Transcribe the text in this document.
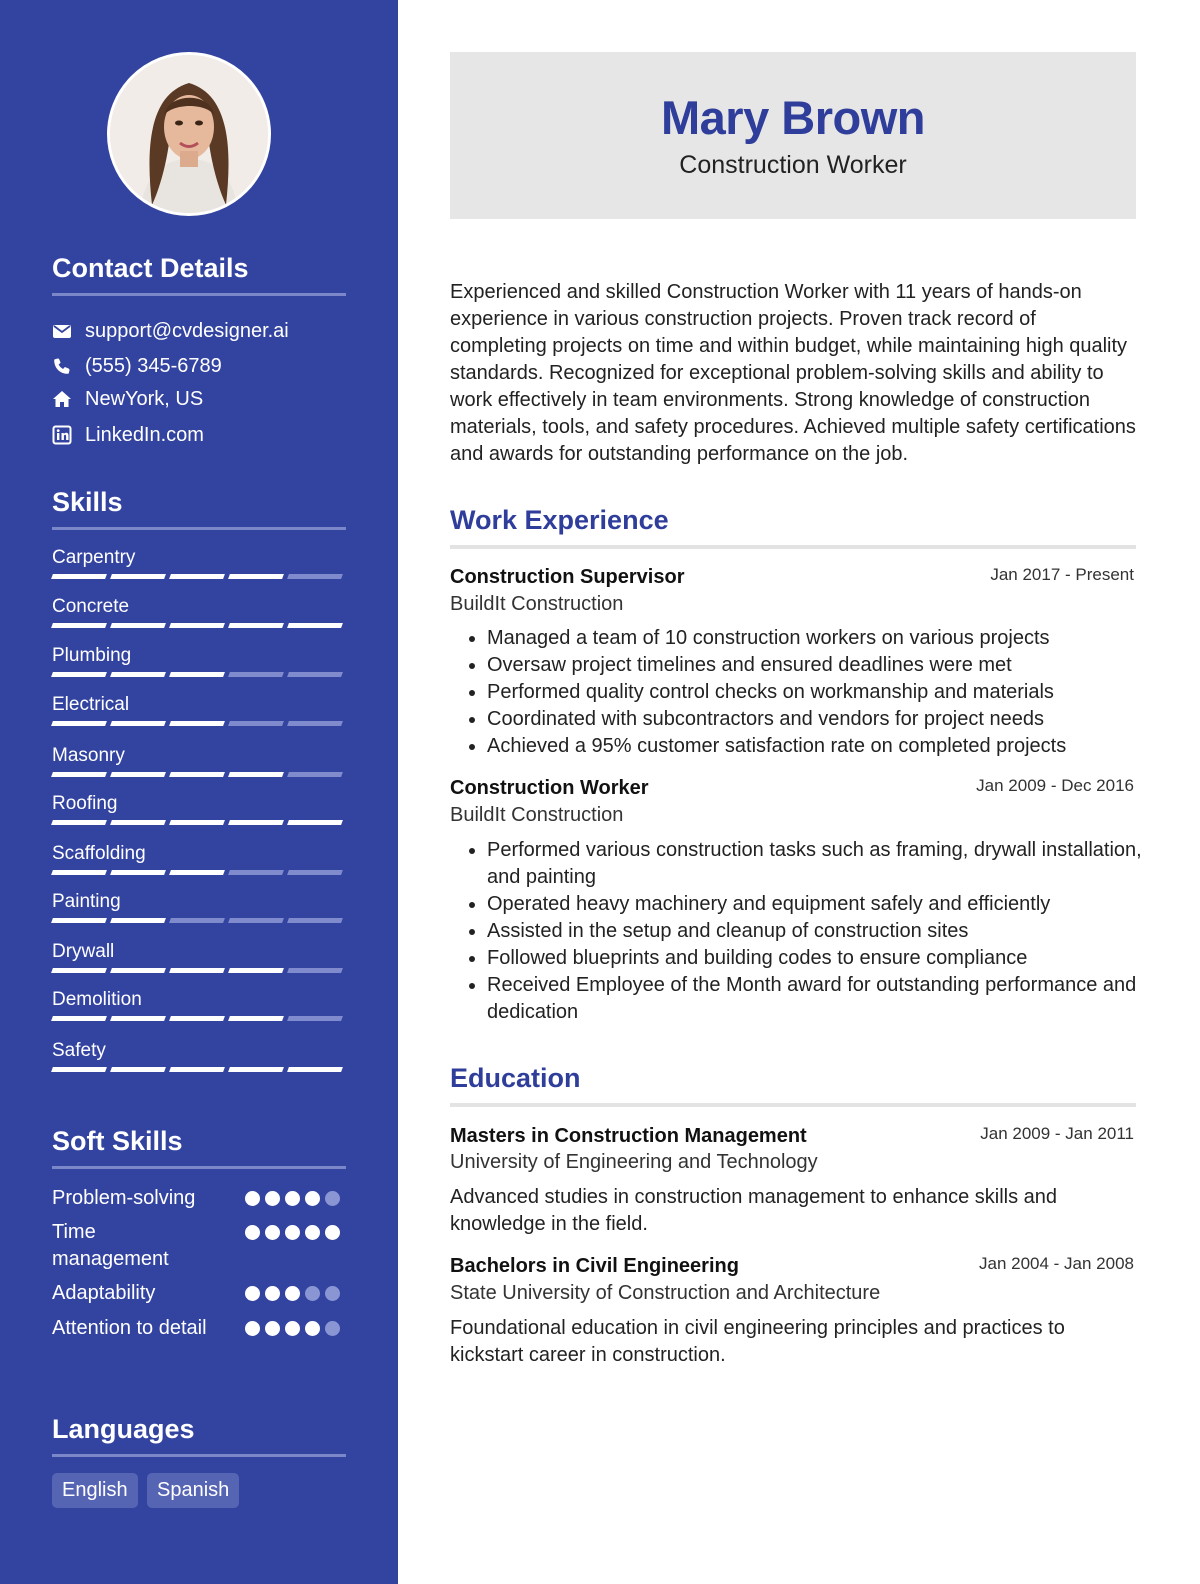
Contact Details
support@cvdesigner.ai
(555) 345-6789
NewYork, US
LinkedIn.com
Skills
Carpentry
Concrete
Plumbing
Electrical
Masonry
Roofing
Scaffolding
Painting
Drywall
Demolition
Safety
Soft Skills
Problem-solving
Time management
Adaptability
Attention to detail
Languages
English	Spanish
Mary Brown
Construction Worker

Experienced and skilled Construction Worker with 11 years of hands-on experience in various construction projects. Proven track record of completing projects on time and within budget, while maintaining high quality standards. Recognized for exceptional problem-solving skills and ability to work effectively in team environments. Strong knowledge of construction materials, tools, and safety procedures. Achieved multiple safety certifications and awards for outstanding performance on the job.

Work Experience
Construction Supervisor	Jan 2017 - Present
BuildIt Construction
• Managed a team of 10 construction workers on various projects
• Oversaw project timelines and ensured deadlines were met
• Performed quality control checks on workmanship and materials
• Coordinated with subcontractors and vendors for project needs
• Achieved a 95% customer satisfaction rate on completed projects
Construction Worker	Jan 2009 - Dec 2016
BuildIt Construction
• Performed various construction tasks such as framing, drywall installation, and painting
• Operated heavy machinery and equipment safely and efficiently
• Assisted in the setup and cleanup of construction sites
• Followed blueprints and building codes to ensure compliance
• Received Employee of the Month award for outstanding performance and dedication
Education
Masters in Construction Management	Jan 2009 - Jan 2011
University of Engineering and Technology

Advanced studies in construction management to enhance skills and knowledge in the field.

Bachelors in Civil Engineering	Jan 2004 - Jan 2008
State University of Construction and Architecture

Foundational education in civil engineering principles and practices to kickstart career in construction.
